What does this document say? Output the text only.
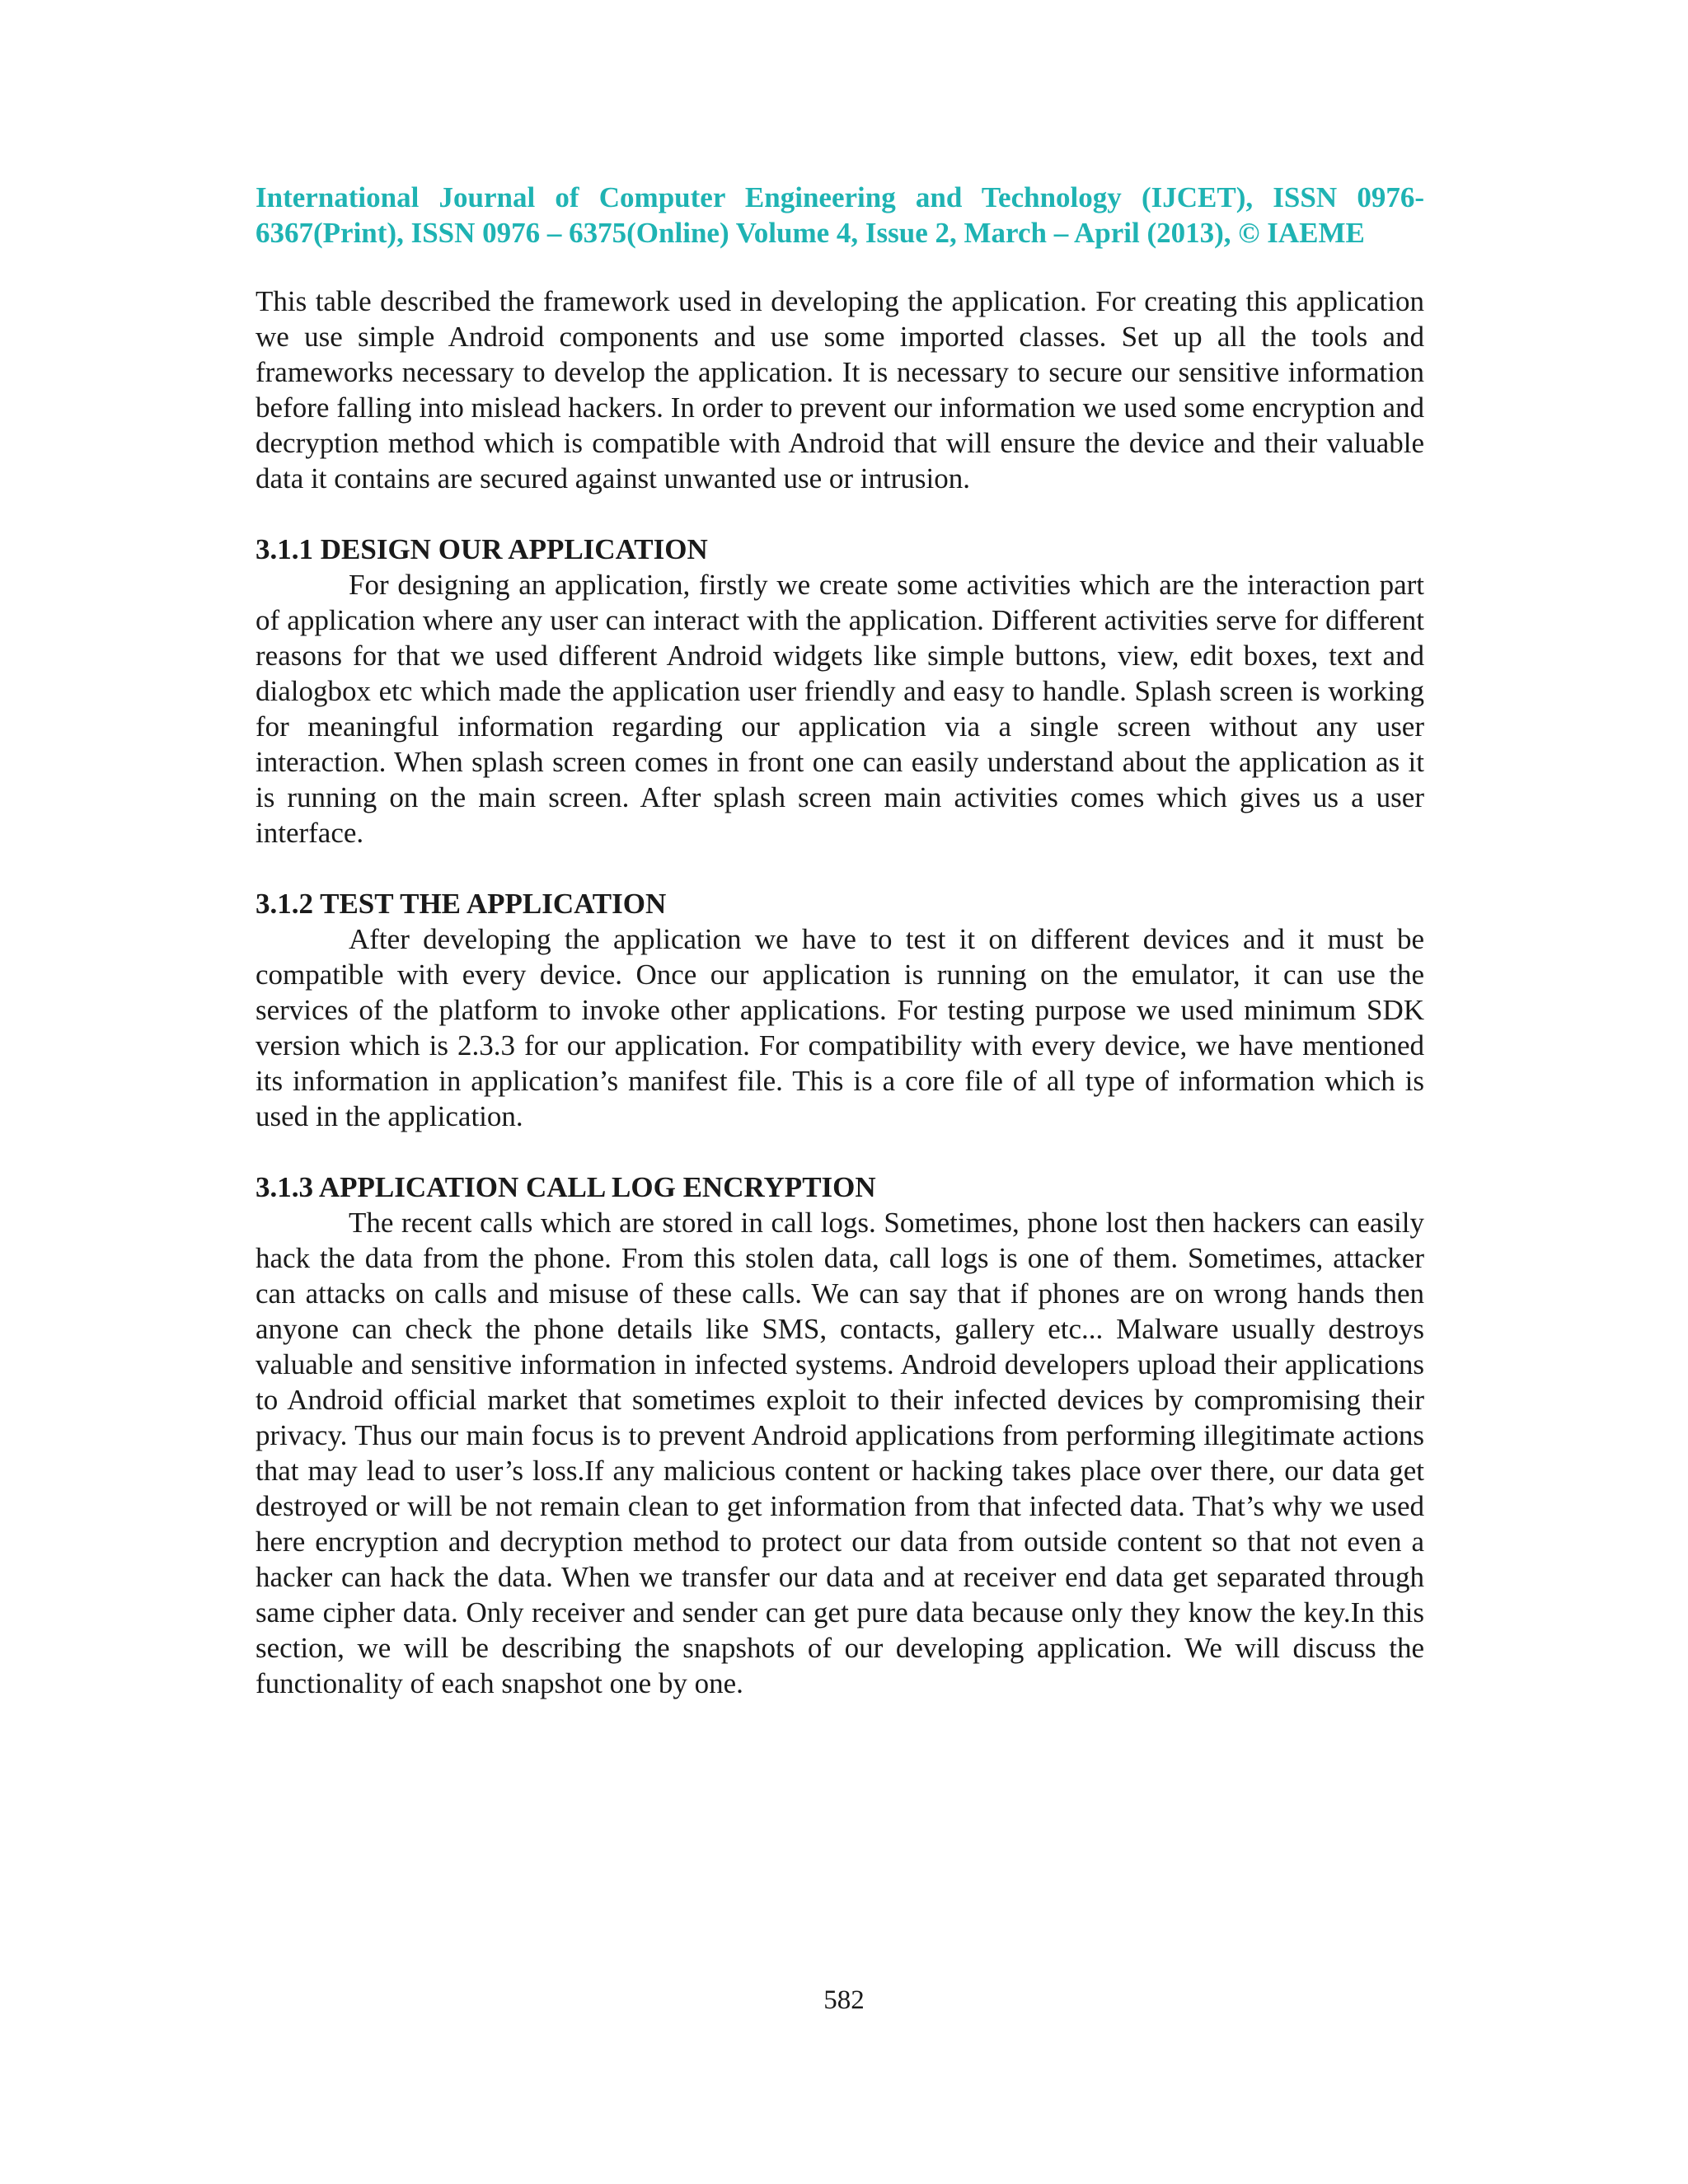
International Journal of Computer Engineering and Technology (IJCET), ISSN 0976-6367(Print), ISSN 0976 – 6375(Online) Volume 4, Issue 2, March – April (2013), © IAEME

This table described the framework used in developing the application. For creating this application we use simple Android components and use some imported classes. Set up all the tools and frameworks necessary to develop the application. It is necessary to secure our sensitive information before falling into mislead hackers. In order to prevent our information we used some encryption and decryption method which is compatible with Android that will ensure the device and their valuable data it contains are secured against unwanted use or intrusion.

3.1.1 DESIGN OUR APPLICATION

For designing an application, firstly we create some activities which are the interaction part of application where any user can interact with the application. Different activities serve for different reasons for that we used different Android widgets like simple buttons, view, edit boxes, text and dialogbox etc which made the application user friendly and easy to handle. Splash screen is working for meaningful information regarding our application via a single screen without any user interaction. When splash screen comes in front one can easily understand about the application as it is running on the main screen. After splash screen main activities comes which gives us a user interface.

3.1.2 TEST THE APPLICATION

After developing the application we have to test it on different devices and it must be compatible with every device. Once our application is running on the emulator, it can use the services of the platform to invoke other applications. For testing purpose we used minimum SDK version which is 2.3.3 for our application. For compatibility with every device, we have mentioned its information in application’s manifest file. This is a core file of all type of information which is used in the application.

3.1.3 APPLICATION CALL LOG ENCRYPTION

The recent calls which are stored in call logs. Sometimes, phone lost then hackers can easily hack the data from the phone. From this stolen data, call logs is one of them. Sometimes, attacker can attacks on calls and misuse of these calls. We can say that if phones are on wrong hands then anyone can check the phone details like SMS, contacts, gallery etc... Malware usually destroys valuable and sensitive information in infected systems. Android developers upload their applications to Android official market that sometimes exploit to their infected devices by compromising their privacy. Thus our main focus is to prevent Android applications from performing illegitimate actions that may lead to user’s loss.If any malicious content or hacking takes place over there, our data get destroyed or will be not remain clean to get information from that infected data. That’s why we used here encryption and decryption method to protect our data from outside content so that not even a hacker can hack the data. When we transfer our data and at receiver end data get separated through same cipher data. Only receiver and sender can get pure data because only they know the key.In this section, we will be describing the snapshots of our developing application. We will discuss the functionality of each snapshot one by one.

582
